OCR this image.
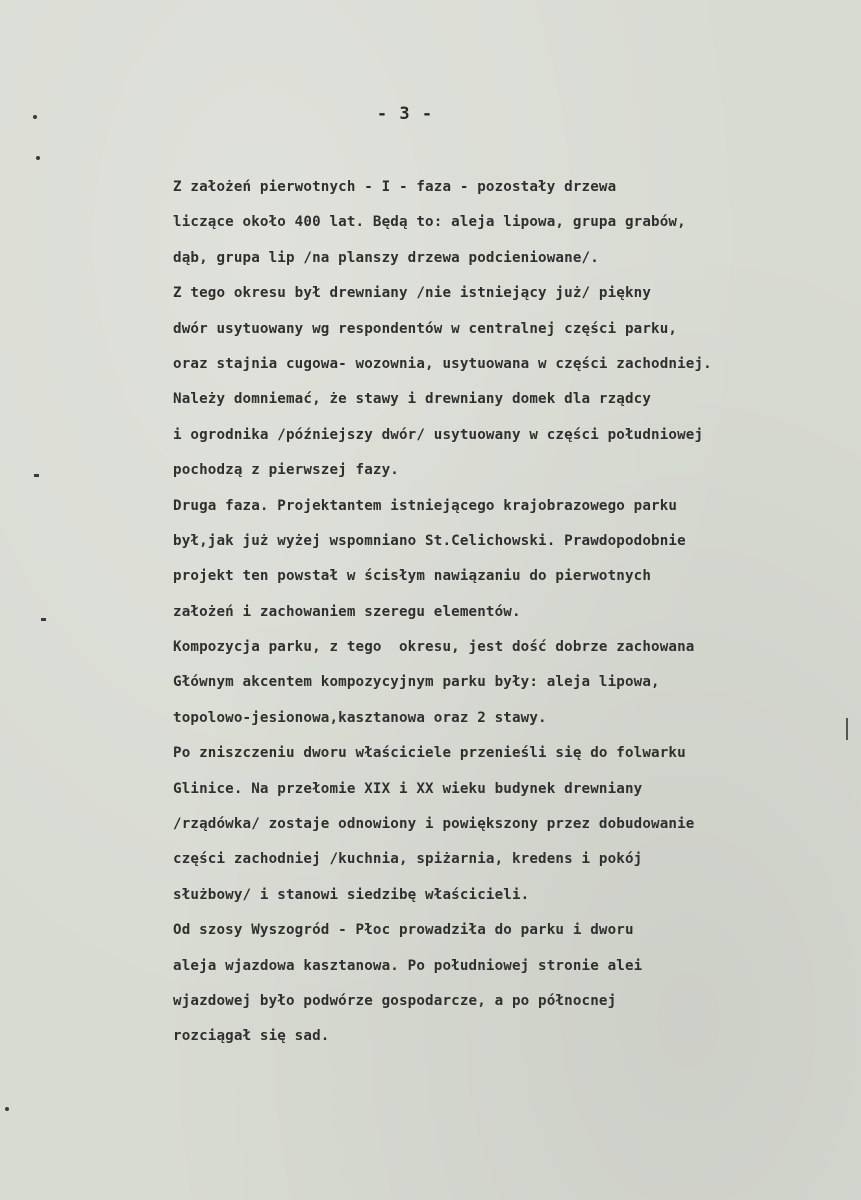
- 3 -
Z założeń pierwotnych - I - faza - pozostały drzewa
liczące około 400 lat. Będą to: aleja lipowa, grupa grabów,
dąb, grupa lip /na planszy drzewa podcieniowane/.
Z tego okresu był drewniany /nie istniejący już/ piękny
dwór usytuowany wg respondentów w centralnej części parku,
oraz stajnia cugowa- wozownia, usytuowana w części zachodniej.
Należy domniemać, że stawy i drewniany domek dla rządcy
i ogrodnika /późniejszy dwór/ usytuowany w części południowej
pochodzą z pierwszej fazy.
Druga faza. Projektantem istniejącego krajobrazowego parku
był,jak już wyżej wspomniano St.Celichowski. Prawdopodobnie
projekt ten powstał w ścisłym nawiązaniu do pierwotnych
założeń i zachowaniem szeregu elementów.
Kompozycja parku, z tego  okresu, jest dość dobrze zachowana
Głównym akcentem kompozycyjnym parku były: aleja lipowa,
topolowo-jesionowa,kasztanowa oraz 2 stawy.
Po zniszczeniu dworu właściciele przenieśli się do folwarku
Glinice. Na przełomie XIX i XX wieku budynek drewniany
/rządówka/ zostaje odnowiony i powiększony przez dobudowanie
części zachodniej /kuchnia, spiżarnia, kredens i pokój
służbowy/ i stanowi siedzibę właścicieli.
Od szosy Wyszogród - Płoc prowadziła do parku i dworu
aleja wjazdowa kasztanowa. Po południowej stronie alei
wjazdowej było podwórze gospodarcze, a po północnej
rozciągał się sad.
